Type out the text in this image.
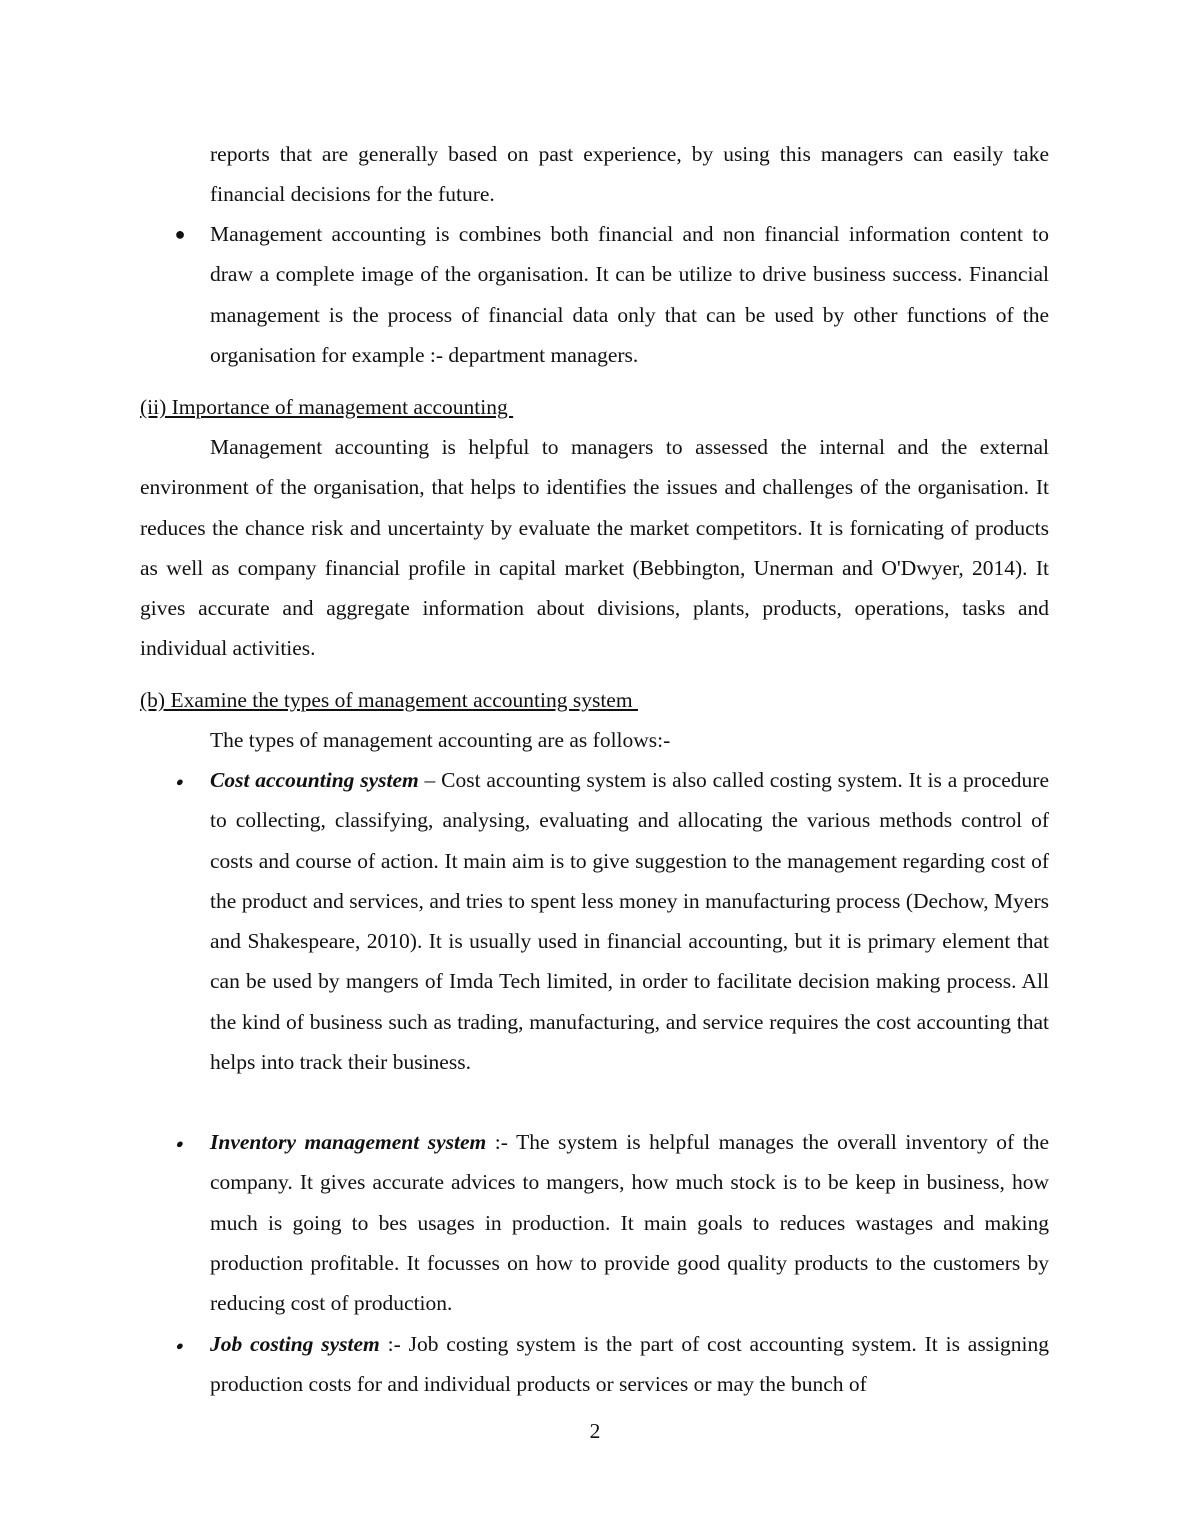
reports that are generally based on past experience, by using this managers can easily take financial decisions for the future.

●

Management accounting is combines both financial and non financial information content to draw a complete image of the organisation. It can be utilize to drive business success. Financial management is the process of financial data only that can be used by other functions of the organisation for example :- department managers.

(ii) Importance of management accounting

Management accounting is helpful to managers to assessed the internal and the external environment of the organisation, that helps to identifies the issues and challenges of the organisation. It reduces the chance risk and uncertainty by evaluate the market competitors. It is fornicating of products as well as company financial profile in capital market (Bebbington, Unerman and O'Dwyer, 2014). It gives accurate and aggregate information about divisions, plants, products, operations, tasks and individual activities.

(b) Examine the types of management accounting system

The types of management accounting are as follows:-

●

Cost accounting system – Cost accounting system is also called costing system. It is a procedure to collecting, classifying, analysing, evaluating and allocating the various methods control of costs and course of action. It main aim is to give suggestion to the management regarding cost of the product and services, and tries to spent less money in manufacturing process (Dechow, Myers and Shakespeare, 2010). It is usually used in financial accounting, but it is primary element that can be used by mangers of Imda Tech limited, in order to facilitate decision making process. All the kind of business such as trading, manufacturing, and service requires the cost accounting that helps into track their business.

●

Inventory management system :- The system is helpful manages the overall inventory of the company. It gives accurate advices to mangers, how much stock is to be keep in business, how much is going to bes usages in production. It main goals to reduces wastages and making production profitable. It focusses on how to provide good quality products to the customers by reducing cost of production.

●

Job costing system :- Job costing system is the part of cost accounting system. It is assigning production costs for and individual products or services or may the bunch of

2
